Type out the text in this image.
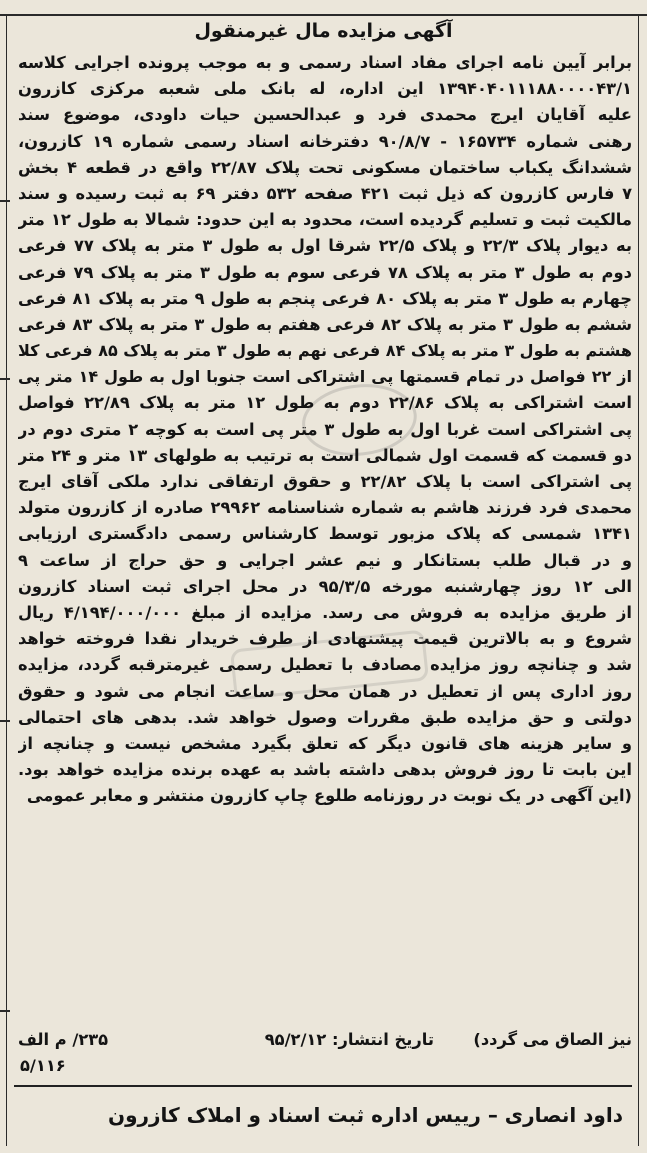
آگهی مزایده مال غیرمنقول
برابر آیین نامه اجرای مفاد اسناد رسمی و به موجب پرونده اجرایی کلاسه
۱۳۹۴۰۴۰۱۱۱۸۸۰۰۰۰۴۳/۱ این اداره، له بانک ملی شعبه مرکزی کازرون
علیه آقایان ایرج محمدی فرد و عبدالحسین حیات داودی، موضوع سند
رهنی شماره ۱۶۵۷۳۴ - ۹۰/۸/۷ دفترخانه اسناد رسمی شماره ۱۹ کازرون،
ششدانگ یکباب ساختمان مسکونی تحت پلاک ۲۲/۸۷ واقع در قطعه ۴ بخش
۷ فارس کازرون که ذیل ثبت ۴۲۱ صفحه ۵۳۲ دفتر ۶۹ به ثبت رسیده و سند
مالکیت ثبت و تسلیم گردیده است، محدود به این حدود: شمالا به طول ۱۲ متر
به دیوار پلاک ۲۲/۳ و پلاک ۲۲/۵ شرقا اول به طول ۳ متر به پلاک ۷۷ فرعی
دوم به طول ۳ متر به پلاک ۷۸ فرعی سوم به طول ۳ متر به پلاک ۷۹ فرعی
چهارم به طول ۳ متر به پلاک ۸۰ فرعی پنجم به طول ۹ متر به پلاک ۸۱ فرعی
ششم به طول ۳ متر به پلاک ۸۲ فرعی هفتم به طول ۳ متر به پلاک ۸۳ فرعی
هشتم به طول ۳ متر به پلاک ۸۴ فرعی نهم به طول ۳ متر به پلاک ۸۵ فرعی کلا
از ۲۲ فواصل در تمام قسمتها پی اشتراکی است جنوبا اول به طول ۱۴ متر پی
است اشتراکی به پلاک ۲۲/۸۶ دوم به طول ۱۲ متر به پلاک ۲۲/۸۹ فواصل
پی اشتراکی است غربا اول به طول ۳ متر پی است به کوچه ۲ متری دوم در
دو قسمت که قسمت اول شمالی است به ترتیب به طولهای ۱۳ متر و ۲۴ متر
پی اشتراکی است با پلاک ۲۲/۸۲ و حقوق ارتفاقی ندارد ملکی آقای ایرج
محمدی فرد فرزند هاشم به شماره شناسنامه ۲۹۹۶۲ صادره از کازرون متولد
۱۳۴۱ شمسی که پلاک مزبور توسط کارشناس رسمی دادگستری ارزیابی
و در قبال طلب بستانکار و نیم عشر اجرایی و حق حراج از ساعت ۹
الی ۱۲ روز چهارشنبه مورخه ۹۵/۳/۵ در محل اجرای ثبت اسناد کازرون
از طریق مزایده به فروش می رسد. مزایده از مبلغ ۴/۱۹۴/۰۰۰/۰۰۰ ریال
شروع و به بالاترین قیمت پیشنهادی از طرف خریدار نقدا فروخته خواهد
شد و چنانچه روز مزایده مصادف با تعطیل رسمی غیرمترقبه گردد، مزایده
روز اداری پس از تعطیل در همان محل و ساعت انجام می شود و حقوق
دولتی و حق مزایده طبق مقررات وصول خواهد شد. بدهی های احتمالی
و سایر هزینه های قانون دیگر که تعلق بگیرد مشخص نیست و چنانچه از
این بابت تا روز فروش بدهی داشته باشد به عهده برنده مزایده خواهد بود.
(این آگهی در یک نوبت در روزنامه طلوع چاپ کازرون منتشر و معابر عمومی
نیز الصاق می گردد)
تاریخ انتشار: ۹۵/۲/۱۲
۲۳۵/ م الف
۵/۱۱۶
داود انصاری – رییس اداره ثبت اسناد و املاک کازرون
